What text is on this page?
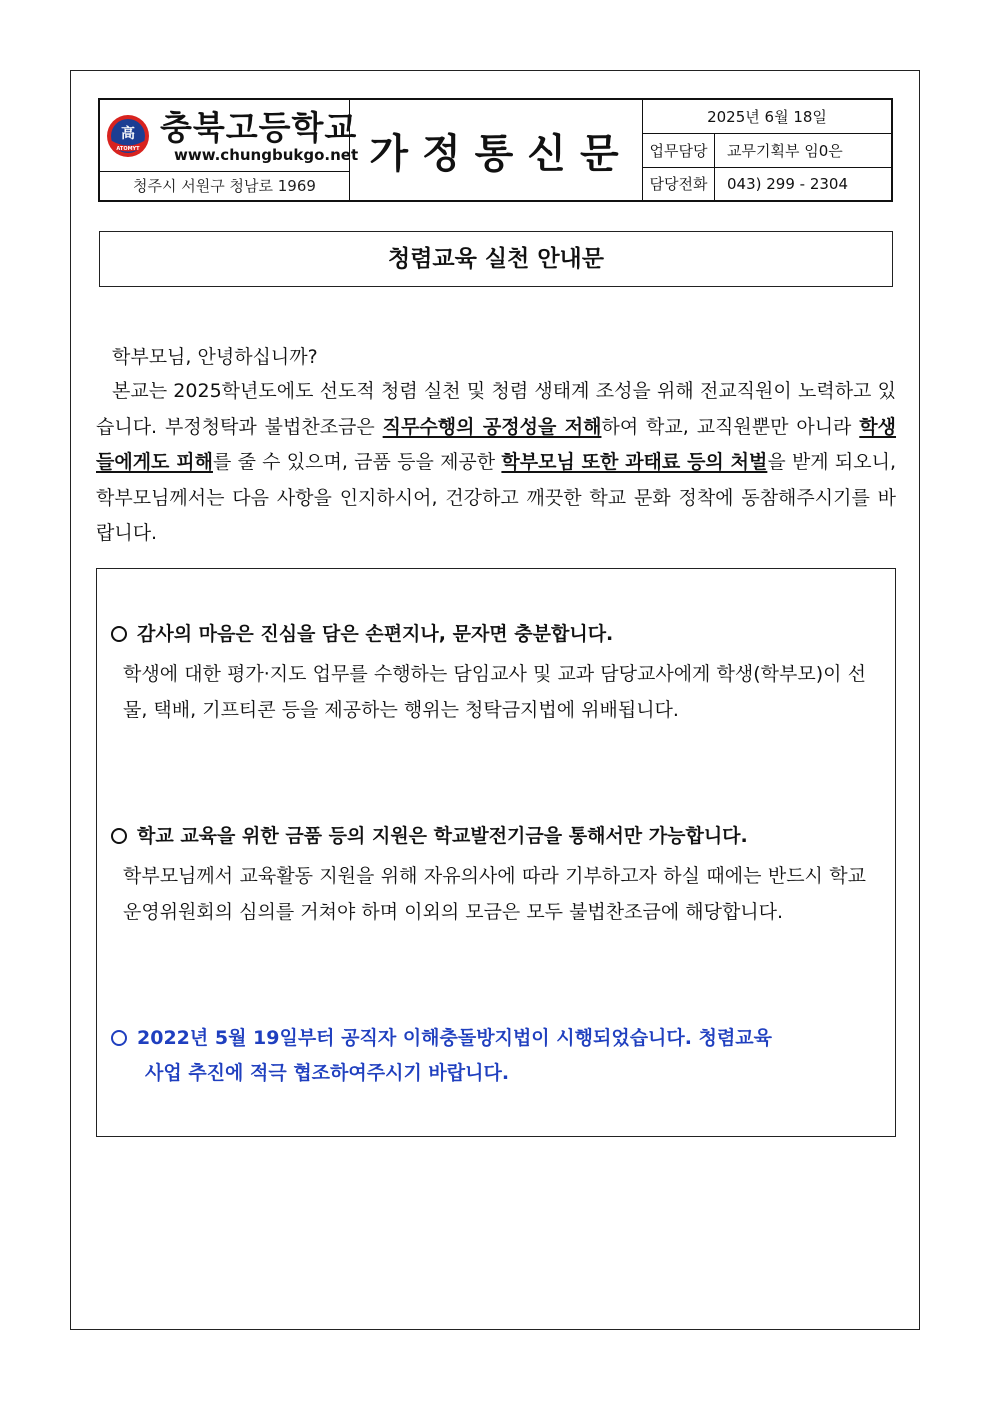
高
ATOMYT
충북고등학교
www.chungbukgo.net
청주시 서원구 청남로 1969
가정통신문
2025년 6월 18일
업무담당	교무기획부 임0은
담당전화	043) 299 - 2304
청렴교육 실천 안내문
학부모님, 안녕하십니까?
본교는 2025학년도에도 선도적 청렴 실천 및 청렴 생태계 조성을 위해 전교직원이 노력하고 있습니다. 부정청탁과 불법찬조금은 직무수행의 공정성을 저해하여 학교, 교직원뿐만 아니라 학생들에게도 피해를 줄 수 있으며, 금품 등을 제공한 학부모님 또한 과태료 등의 처벌을 받게 되오니, 학부모님께서는 다음 사항을 인지하시어, 건강하고 깨끗한 학교 문화 정착에 동참해주시기를 바랍니다.
감사의 마음은 진심을 담은 손편지나, 문자면 충분합니다.
학생에 대한 평가·지도 업무를 수행하는 담임교사 및 교과 담당교사에게 학생(학부모)이 선물, 택배, 기프티콘 등을 제공하는 행위는 청탁금지법에 위배됩니다.
학교 교육을 위한 금품 등의 지원은 학교발전기금을 통해서만 가능합니다.
학부모님께서 교육활동 지원을 위해 자유의사에 따라 기부하고자 하실 때에는 반드시 학교운영위원회의 심의를 거쳐야 하며 이외의 모금은 모두 불법찬조금에 해당합니다.
2022년 5월 19일부터 공직자 이해충돌방지법이 시행되었습니다. 청렴교육
사업 추진에 적극 협조하여주시기 바랍니다.
